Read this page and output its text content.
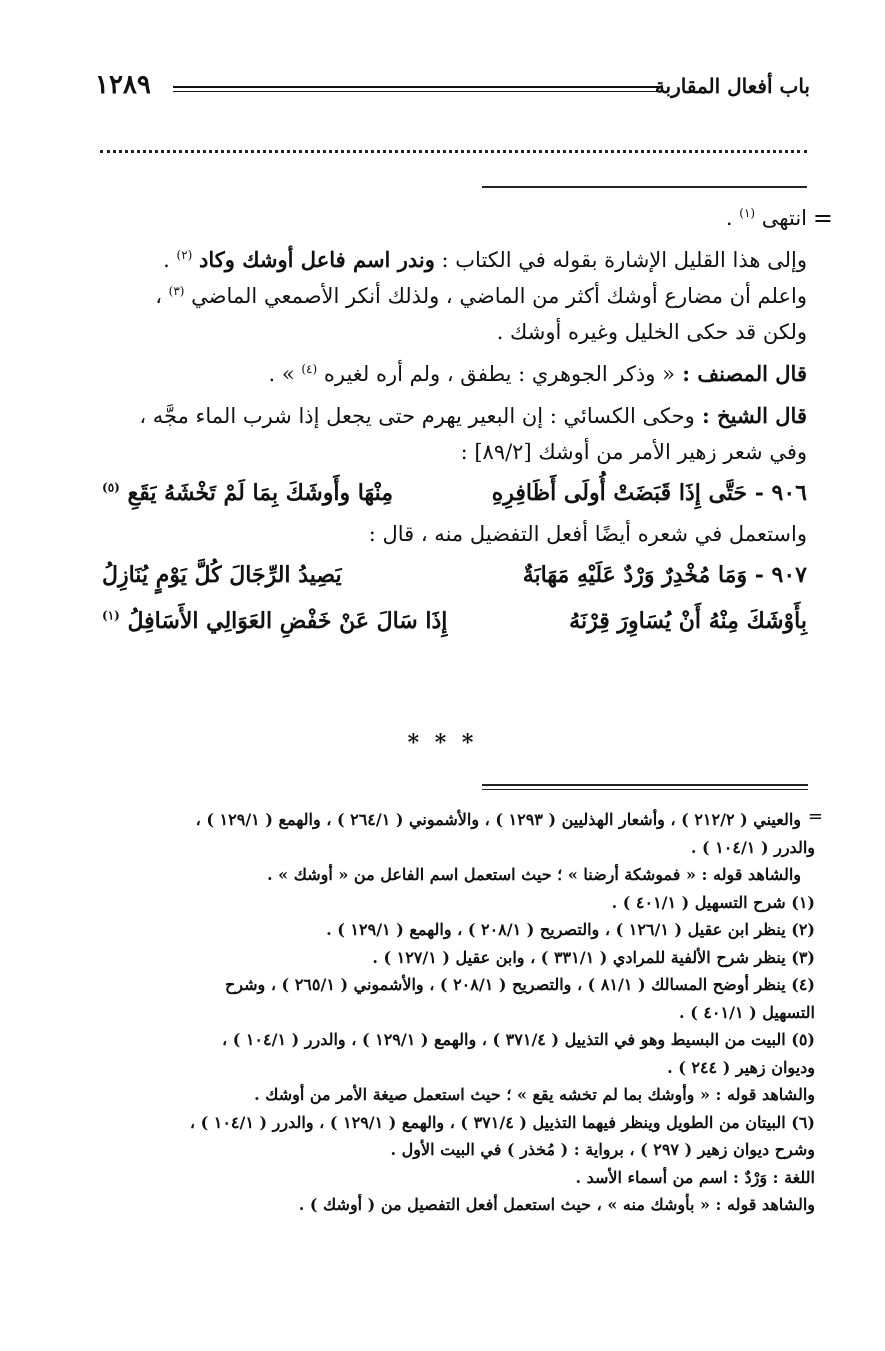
باب أفعال المقاربة
١٢٨٩
=
انتهى $^{(١)}$ .
وإلى هذا القليل الإشارة بقوله في الكتاب : وندر اسم فاعل أوشك وكاد $^{(٢)}$ .
واعلم أن مضارع أوشك أكثر من الماضي ، ولذلك أنكر الأصمعي الماضي $^{(٣)}$ ،
ولكن قد حكى الخليل وغيره أوشك .
قال المصنف : « وذكر الجوهري : يطفق ، ولم أره لغيره $^{(٤)}$ » .
قال الشيخ : وحكى الكسائي : إن البعير يهرم حتى يجعل إذا شرب الماء مجَّه ،
وفي شعر زهير الأمر من أوشك [٨٩/٢] :
٩٠٦ - حَتَّى إِذَا قَبَضَتْ أُولَى أَظَافِرِهِ
مِنْهَا وأَوشَكَ بِمَا لَمْ تَخْشَهُ يَقَعِ $^{(٥)}$
واستعمل في شعره أيضًا أفعل التفضيل منه ، قال :
٩٠٧ - وَمَا مُخْدِرٌ وَرْدٌ عَلَيْهِ مَهَابَةٌ
يَصِيدُ الرِّجَالَ كُلَّ يَوْمٍ يُنَازِلُ
بِأَوْشَكَ مِنْهُ أَنْ يُسَاوِرَ قِرْنَهُ
إِذَا سَالَ عَنْ خَفْضِ العَوَالِي الأَسَافِلُ $^{(١)}$
* * *
=
والعيني ( ٢١٢/٢ ) ، وأشعار الهذليين ( ١٢٩٣ ) ، والأشموني ( ٢٦٤/١ ) ، والهمع ( ١٢٩/١ ) ،
والدرر ( ١٠٤/١ ) .
والشاهد قوله : « فموشكة أرضنا » ؛ حيث استعمل اسم الفاعل من « أوشك » .
(١) شرح التسهيل ( ٤٠١/١ ) .
(٢) ينظر ابن عقيل ( ١٢٦/١ ) ، والتصريح ( ٢٠٨/١ ) ، والهمع ( ١٢٩/١ ) .
(٣) ينظر شرح الألفية للمرادي ( ٣٣١/١ ) ، وابن عقيل ( ١٢٧/١ ) .
(٤) ينظر أوضح المسالك ( ٨١/١ ) ، والتصريح ( ٢٠٨/١ ) ، والأشموني ( ٢٦٥/١ ) ، وشرح
التسهيل ( ٤٠١/١ ) .
(٥) البيت من البسيط وهو في التذييل ( ٣٧١/٤ ) ، والهمع ( ١٢٩/١ ) ، والدرر ( ١٠٤/١ ) ،
وديوان زهير ( ٢٤٤ ) .
والشاهد قوله : « وأوشك بما لم تخشه يقع » ؛ حيث استعمل صيغة الأمر من أوشك .
(٦) البيتان من الطويل وينظر فيهما التذييل ( ٣٧١/٤ ) ، والهمع ( ١٢٩/١ ) ، والدرر ( ١٠٤/١ ) ،
وشرح ديوان زهير ( ٢٩٧ ) ، برواية : ( مُخذر ) في البيت الأول .
اللغة : وَرْدٌ : اسم من أسماء الأسد .
والشاهد قوله : « بأوشك منه » ، حيث استعمل أفعل التفصيل من ( أوشك ) .
